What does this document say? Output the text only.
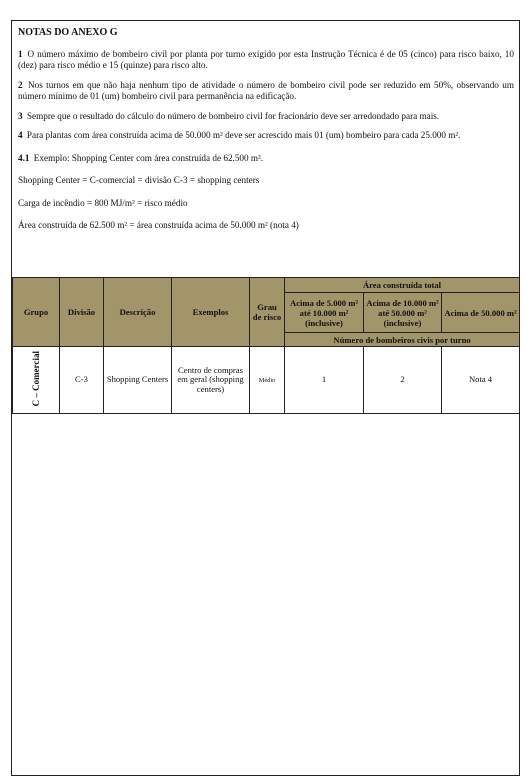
NOTAS DO ANEXO G

1 O número máximo de bombeiro civil por planta por turno exigido por esta Instrução Técnica é de 05 (cinco) para risco baixo, 10 (dez) para risco médio e 15 (quinze) para risco alto.

2 Nos turnos em que não haja nenhum tipo de atividade o número de bombeiro civil pode ser reduzido em 50%, observando um número mínimo de 01 (um) bombeiro civil para permanência na edificação.

3 Sempre que o resultado do cálculo do número de bombeiro civil for fracionário deve ser arredondado para mais.

4 Para plantas com área construída acima de 50.000 m² deve ser acrescido mais 01 (um) bombeiro para cada 25.000 m².

4.1 Exemplo: Shopping Center com área construída de 62.500 m².

Shopping Center = C-comercial = divisão C-3 = shopping centers

Carga de incêndio = 800 MJ/m² = risco médio

Área construída de 62.500 m² = área construída acima de 50.000 m² (nota 4)

Grupo	Divisão	Descrição	Exemplos	Grau de risco	Área construída total		
					Acima de 5.000 m² até 10.000 m² (inclusive)	Acima de 10.000 m² até 50.000 m² (inclusive)	Acima de 50.000 m²
					Número de bombeiros civis por turno		
C – Comercial	C-3	Shopping Centers	Centro de compras em geral (shopping centers)	Médio	1	2	Nota 4
